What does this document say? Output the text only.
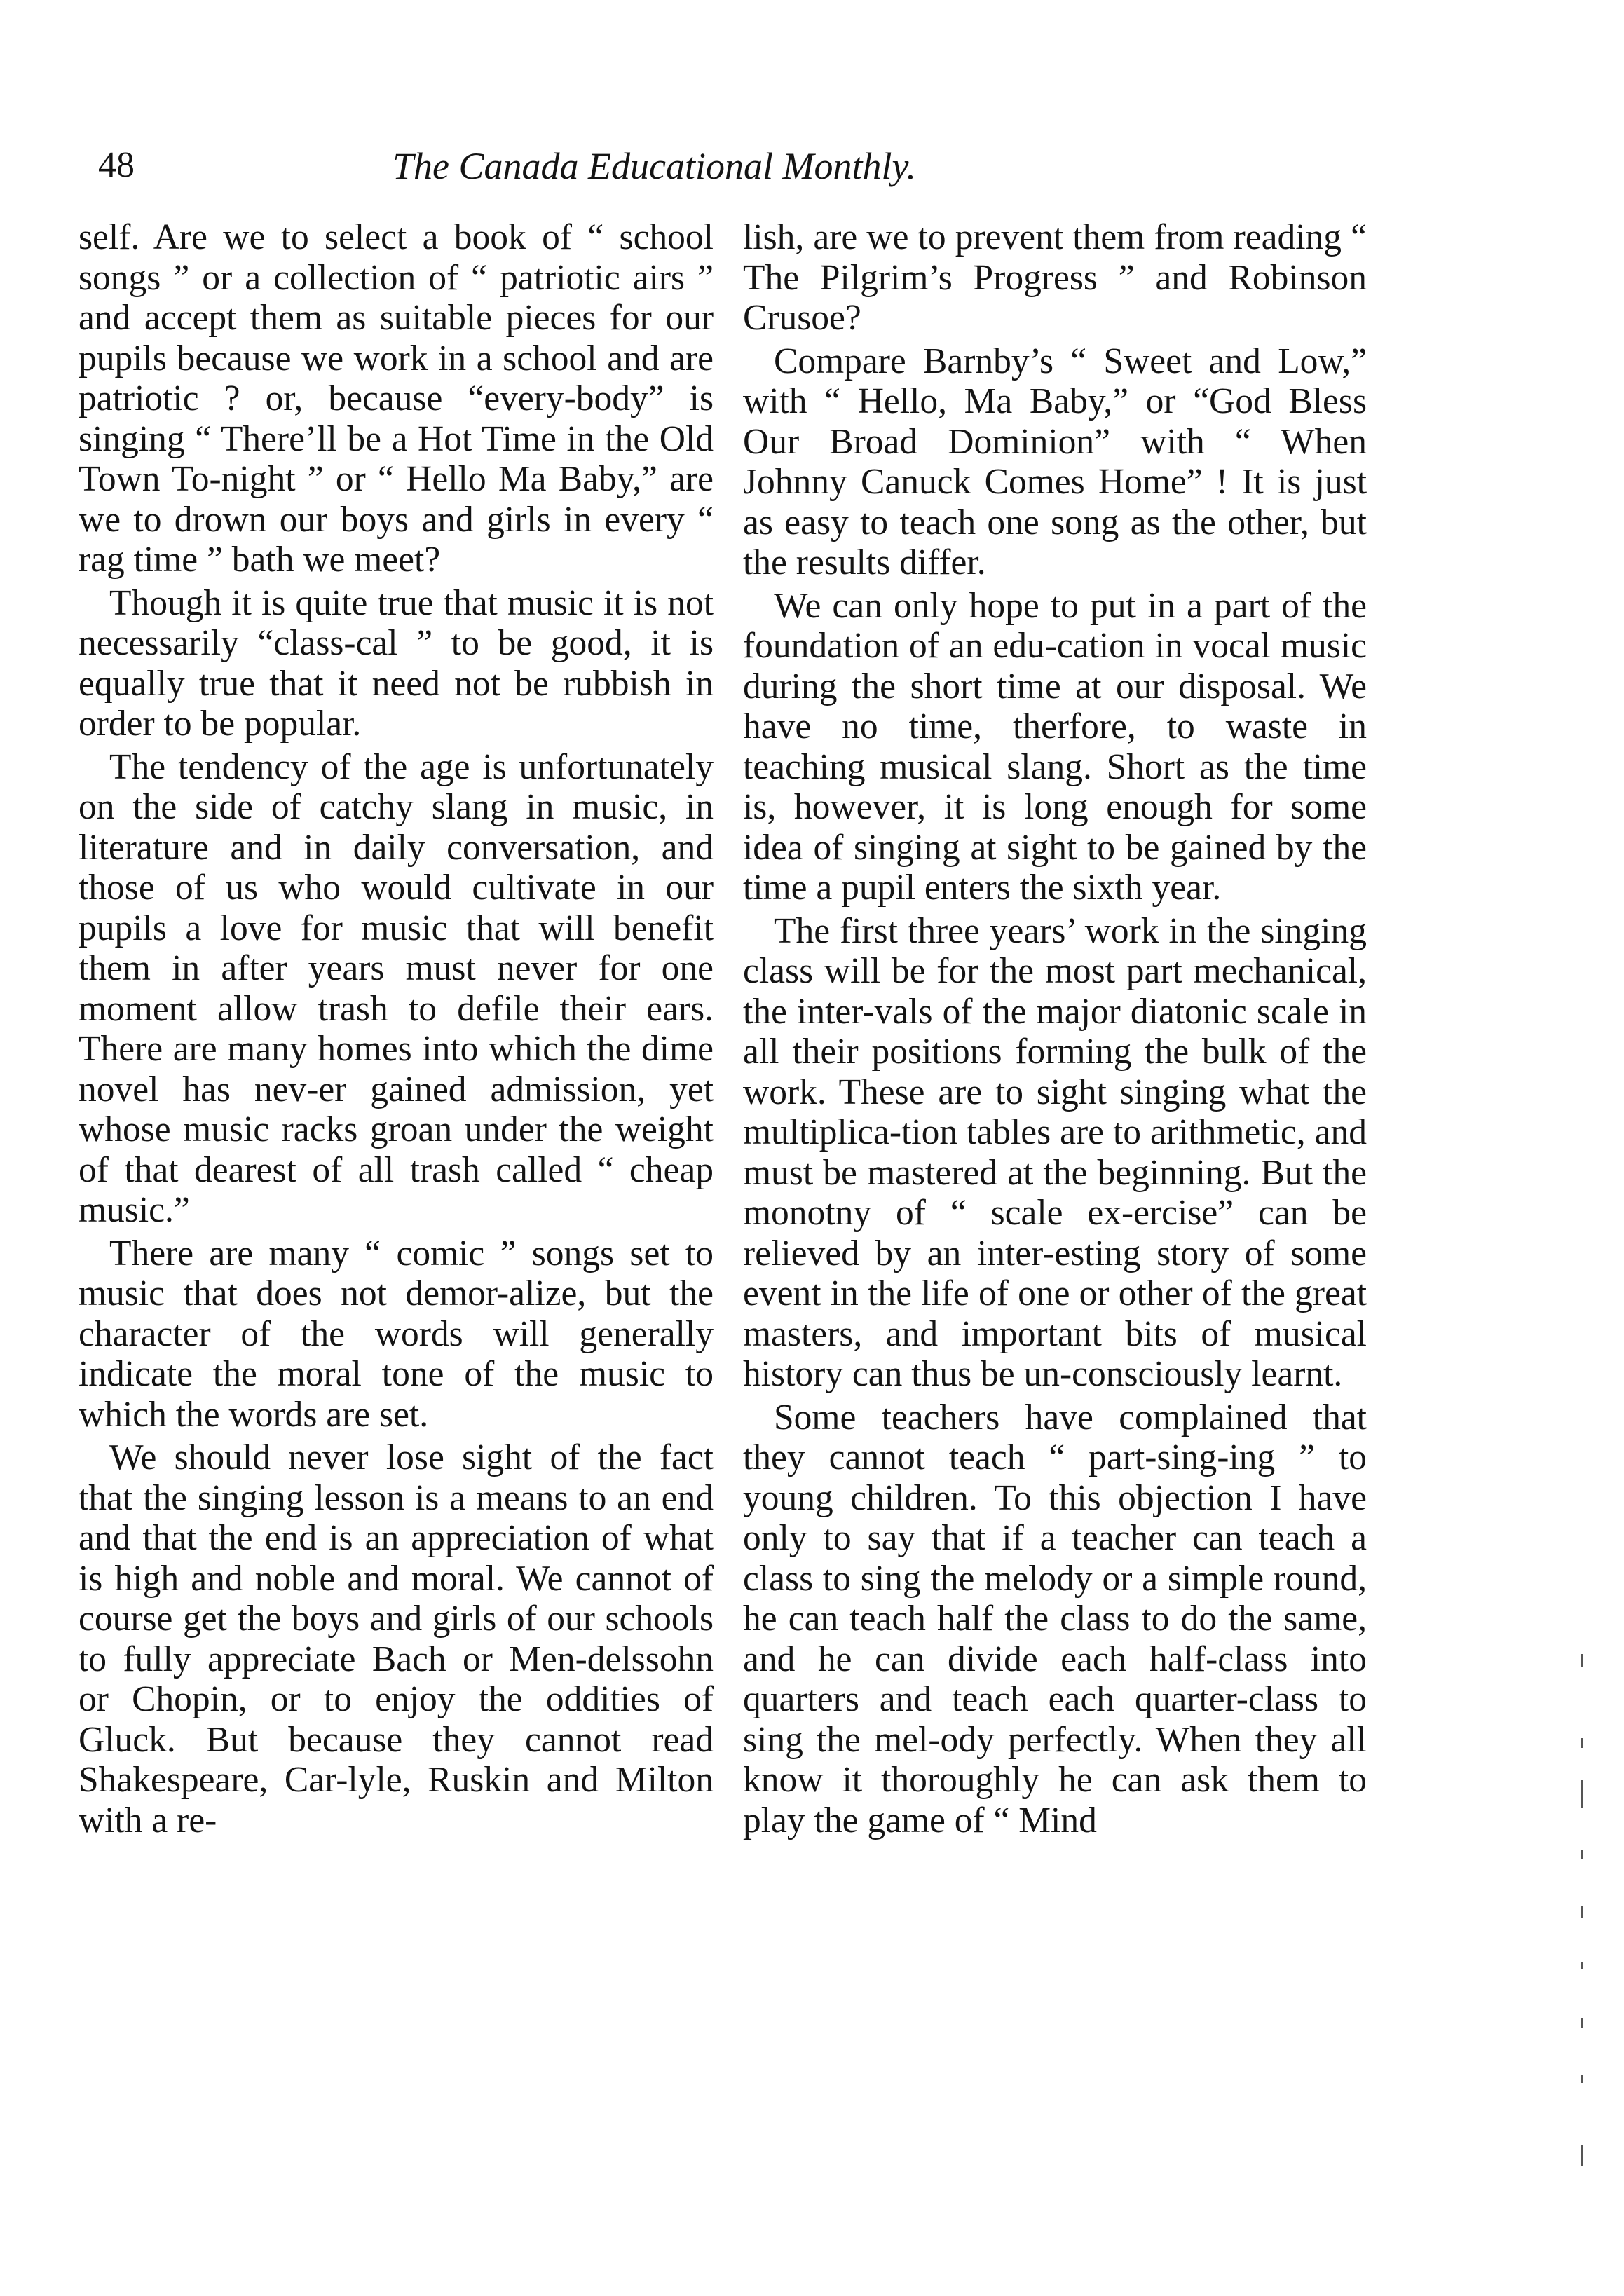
48	The Canada Educational Monthly.

self. Are we to select a book of “ school songs ” or a collection of “ patriotic airs ” and accept them as suitable pieces for our pupils because we work in a school and are patriotic ? or, because “every-body” is singing “ There’ll be a Hot Time in the Old Town To-night ” or “ Hello Ma Baby,” are we to drown our boys and girls in every “ rag time ” bath we meet?

Though it is quite true that music it is not necessarily “class-cal ” to be good, it is equally true that it need not be rubbish in order to be popular.

The tendency of the age is unfortunately on the side of catchy slang in music, in literature and in daily conversation, and those of us who would cultivate in our pupils a love for music that will benefit them in after years must never for one moment allow trash to defile their ears. There are many homes into which the dime novel has nev-er gained admission, yet whose music racks groan under the weight of that dearest of all trash called “ cheap music.”

There are many “ comic ” songs set to music that does not demor-alize, but the character of the words will generally indicate the moral tone of the music to which the words are set.

We should never lose sight of the fact that the singing lesson is a means to an end and that the end is an appreciation of what is high and noble and moral. We cannot of course get the boys and girls of our schools to fully appreciate Bach or Men-delssohn or Chopin, or to enjoy the oddities of Gluck. But because they cannot read Shakespeare, Car-lyle, Ruskin and Milton with a re-

lish, are we to prevent them from reading “ The Pilgrim’s Progress ” and Robinson Crusoe?

Compare Barnby’s “ Sweet and Low,” with “ Hello, Ma Baby,” or “God Bless Our Broad Dominion” with “ When Johnny Canuck Comes Home” ! It is just as easy to teach one song as the other, but the results differ.

We can only hope to put in a part of the foundation of an edu-cation in vocal music during the short time at our disposal. We have no time, therfore, to waste in teaching musical slang. Short as the time is, however, it is long enough for some idea of singing at sight to be gained by the time a pupil enters the sixth year.

The first three years’ work in the singing class will be for the most part mechanical, the inter-vals of the major diatonic scale in all their positions forming the bulk of the work. These are to sight singing what the multiplica-tion tables are to arithmetic, and must be mastered at the beginning. But the monotny of “ scale ex-ercise” can be relieved by an inter-esting story of some event in the life of one or other of the great masters, and important bits of musical history can thus be un-consciously learnt.

Some teachers have complained that they cannot teach “ part-sing-ing ” to young children. To this objection I have only to say that if a teacher can teach a class to sing the melody or a simple round, he can teach half the class to do the same, and he can divide each half-class into quarters and teach each quarter-class to sing the mel-ody perfectly. When they all know it thoroughly he can ask them to play the game of “ Mind
